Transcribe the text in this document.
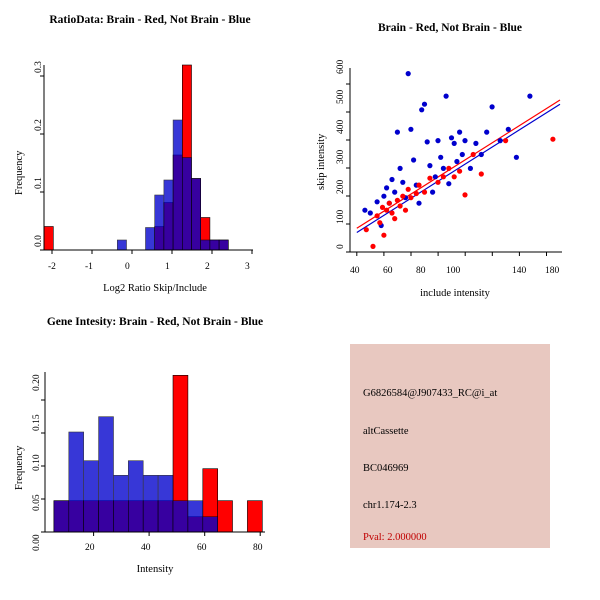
RatioData: Brain - Red, Not Brain - Blue
Frequency
Log2 Ratio Skip/Include
0.0
0.1
0.2
0.3
-2	-1	0	1	2	3
Brain - Red, Not Brain - Blue
skip intensity
include intensity
0
100
200
300
400
500
600
40 60 80 100	140 180
Gene Intesity: Brain - Red, Not Brain - Blue
Frequency
Intensity
0.00
0.05
0.10
0.15
0.20
20	40	60	80
G6826584@J907433_RC@i_at
altCassette
BC046969
chr1.174-2.3
Pval: 2.000000
